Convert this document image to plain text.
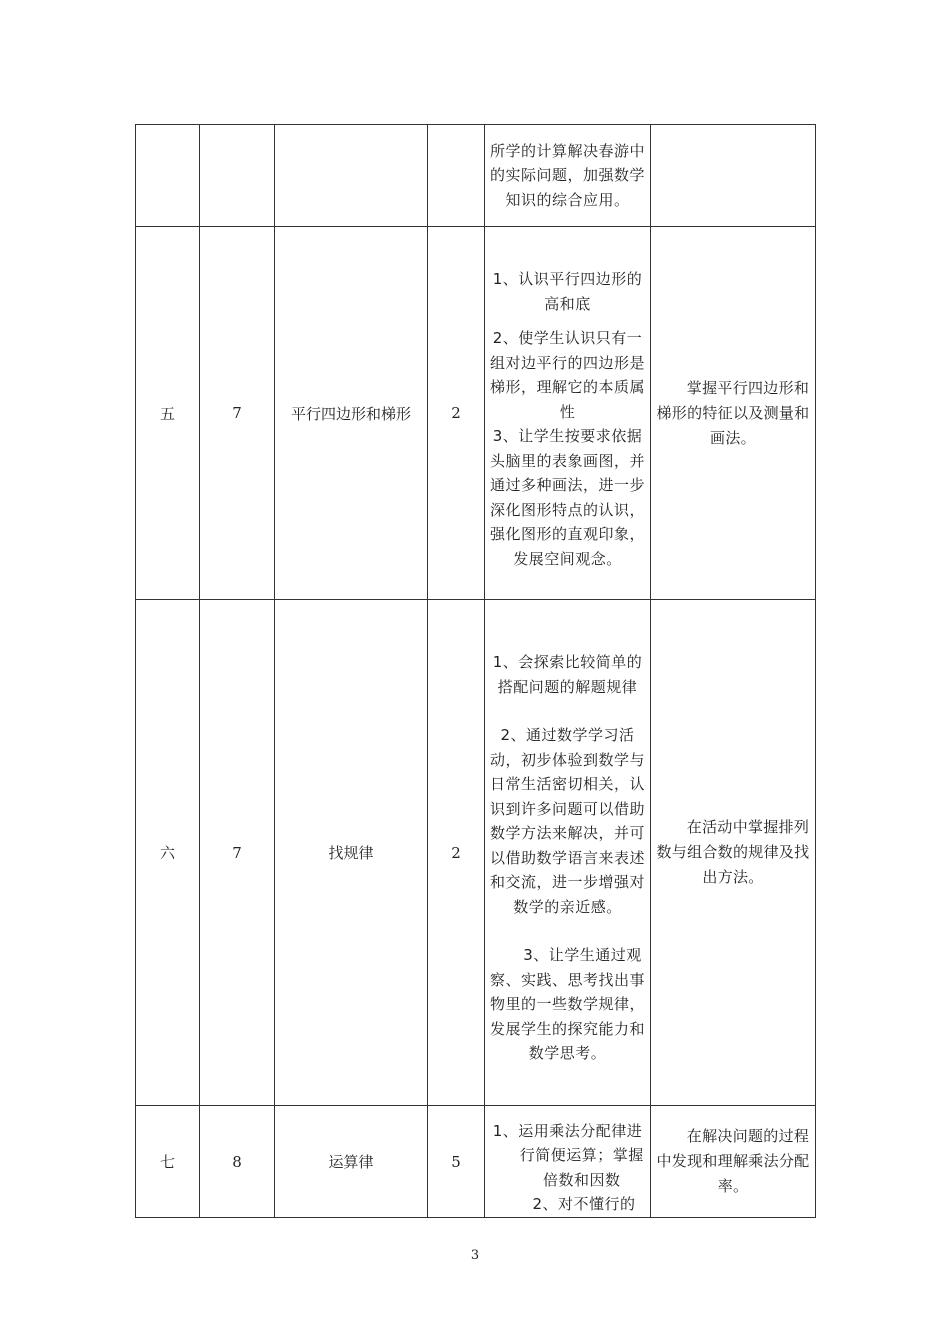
				所学的计算解决春游中的实际问题，加强数学知识的综合应用。	

五	7	平行四边形和梯形	2	1、认识平行四边形的高和底

2、使学生认识只有一组对边平行的四边形是梯形，理解它的本质属性

3、让学生按要求依据头脑里的表象画图，并通过多种画法，进一步深化图形特点的认识，强化图形的直观印象，发展空间观念。	掌握平行四边形和梯形的特征以及测量和画法。

六	7	找规律	2	1、会探索比较简单的搭配问题的解题规律

2、通过数学学习活动，初步体验到数学与日常生活密切相关，认识到许多问题可以借助数学方法来解决，并可以借助数学语言来表述和交流，进一步增强对数学的亲近感。

3、让学生通过观察、实践、思考找出事物里的一些数学规律，发展学生的探究能力和数学思考。	在活动中掌握排列数与组合数的规律及找出方法。

七	8	运算律	5	1、运用乘法分配律进行简便运算；掌握倍数和因数

2、对不懂行的	在解决问题的过程中发现和理解乘法分配率。

3
